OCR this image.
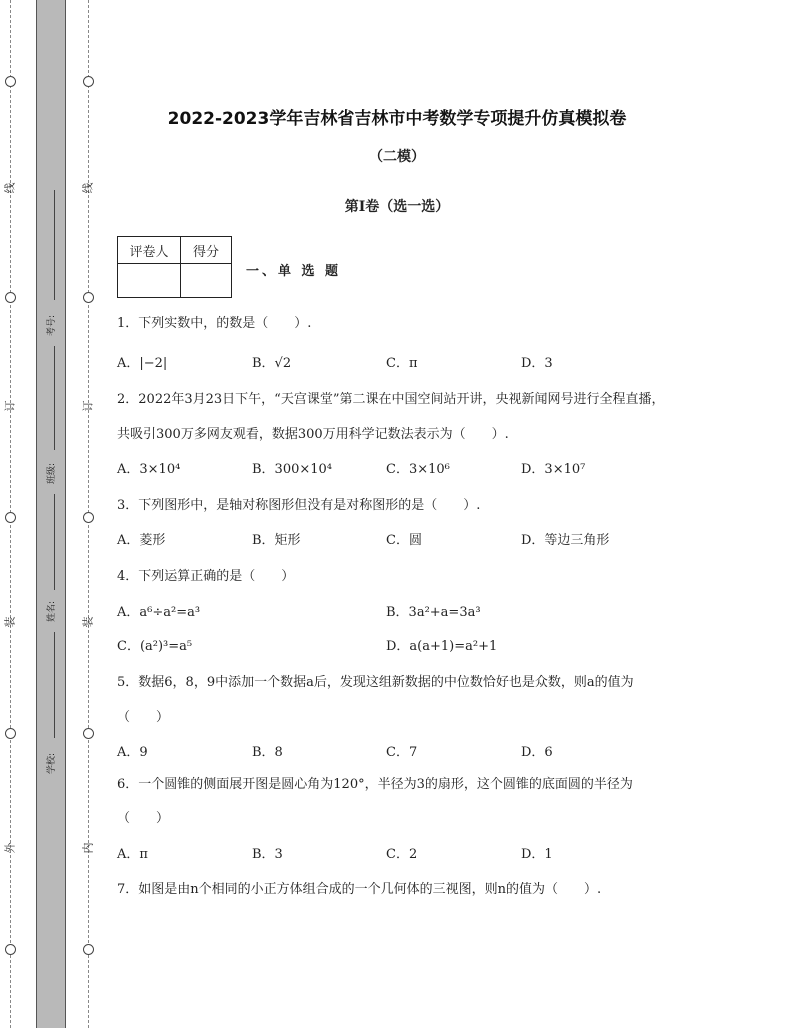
线
订
装
外
线
订
装
内
考号:
班级:
姓名:
学校:
2022-2023学年吉林省吉林市中考数学专项提升仿真模拟卷
（二模）
第I卷（选一选）
评卷人	得分

一、单 选 题
1．下列实数中，的数是（　　）.
A．|−2|	B．√2	C．π	D．3
2．2022年3月23日下午，“天宫课堂”第二课在中国空间站开讲，央视新闻网号进行全程直播，
共吸引300万多网友观看，数据300万用科学记数法表示为（　　）.
A．3×10⁴	B．300×10⁴	C．3×10⁶	D．3×10⁷
3．下列图形中，是轴对称图形但没有是对称图形的是（　　）.
A．菱形	B．矩形	C．圆	D．等边三角形
4．下列运算正确的是（　　）
A．a⁶÷a²=a³	B．3a²+a=3a³
C．(a²)³=a⁵	D．a(a+1)=a²+1
5．数据6，8，9中添加一个数据a后，发现这组新数据的中位数恰好也是众数，则a的值为
（　　）
A．9	B．8	C．7	D．6
6．一个圆锥的侧面展开图是圆心角为120°，半径为3的扇形，这个圆锥的底面圆的半径为
（　　）
A．π	B．3	C．2	D．1
7．如图是由n个相同的小正方体组合成的一个几何体的三视图，则n的值为（　　）.
